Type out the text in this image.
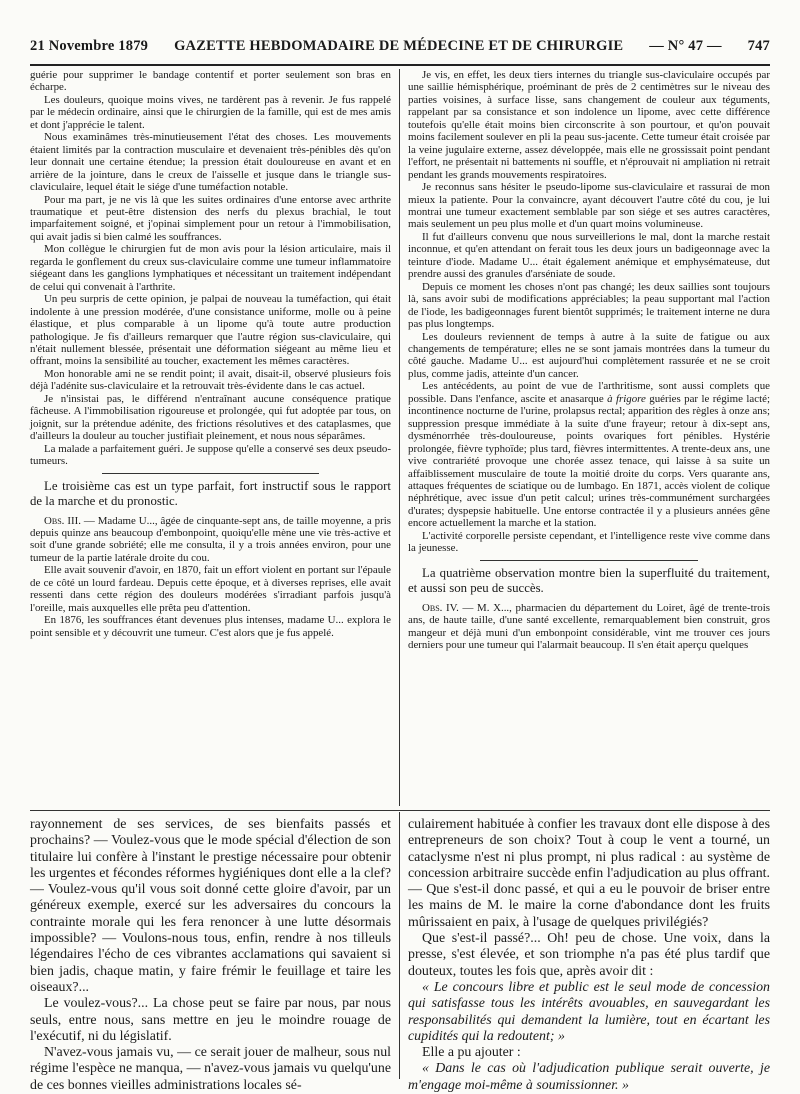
21 Novembre 1879 GAZETTE HEBDOMADAIRE DE MÉDECINE ET DE CHIRURGIE — N° 47 — 747

guérie pour supprimer le bandage contentif et porter seulement son bras en écharpe.

Les douleurs, quoique moins vives, ne tardèrent pas à revenir. Je fus rappelé par le médecin ordinaire, ainsi que le chirurgien de la famille, qui est de mes amis et dont j'apprécie le talent.

Nous examinâmes très-minutieusement l'état des choses. Les mouvements étaient limités par la contraction musculaire et devenaient très-pénibles dès qu'on leur donnait une certaine étendue; la pression était douloureuse en avant et en arrière de la jointure, dans le creux de l'aisselle et jusque dans le triangle sus-claviculaire, lequel était le siége d'une tuméfaction notable.

Pour ma part, je ne vis là que les suites ordinaires d'une entorse avec arthrite traumatique et peut-être distension des nerfs du plexus brachial, le tout imparfaitement soigné, et j'opinai simplement pour un retour à l'immobilisation, qui avait jadis si bien calmé les souffrances.

Mon collègue le chirurgien fut de mon avis pour la lésion articulaire, mais il regarda le gonflement du creux sus-claviculaire comme une tumeur inflammatoire siégeant dans les ganglions lymphatiques et nécessitant un traitement indépendant de celui qui convenait à l'arthrite.

Un peu surpris de cette opinion, je palpai de nouveau la tuméfaction, qui était indolente à une pression modérée, d'une consistance uniforme, molle ou à peine élastique, et plus comparable à un lipome qu'à toute autre production pathologique. Je fis d'ailleurs remarquer que l'autre région sus-claviculaire, qui n'était nullement blessée, présentait une déformation siégeant au même lieu et offrant, moins la sensibilité au toucher, exactement les mêmes caractères.

Mon honorable ami ne se rendit point; il avait, disait-il, observé plusieurs fois déjà l'adénite sus-claviculaire et la retrouvait très-évidente dans le cas actuel.

Je n'insistai pas, le différend n'entraînant aucune conséquence pratique fâcheuse. A l'immobilisation rigoureuse et prolongée, qui fut adoptée par tous, on joignit, sur la prétendue adénite, des frictions résolutives et des cataplasmes, que d'ailleurs la douleur au toucher justifiait pleinement, et nous nous séparâmes.

La malade a parfaitement guéri. Je suppose qu'elle a conservé ses deux pseudo-tumeurs.

Le troisième cas est un type parfait, fort instructif sous le rapport de la marche et du pronostic.

Obs. III. — Madame U..., âgée de cinquante-sept ans, de taille moyenne, a pris depuis quinze ans beaucoup d'embonpoint, quoiqu'elle mène une vie très-active et soit d'une grande sobriété; elle me consulta, il y a trois années environ, pour une tumeur de la partie latérale droite du cou.

Elle avait souvenir d'avoir, en 1870, fait un effort violent en portant sur l'épaule de ce côté un lourd fardeau. Depuis cette époque, et à diverses reprises, elle avait ressenti dans cette région des douleurs modérées s'irradiant parfois jusqu'à l'oreille, mais auxquelles elle prêta peu d'attention.

En 1876, les souffrances étant devenues plus intenses, madame U... explora le point sensible et y découvrit une tumeur. C'est alors que je fus appelé.

Je vis, en effet, les deux tiers internes du triangle sus-claviculaire occupés par une saillie hémisphérique, proéminant de près de 2 centimètres sur le niveau des parties voisines, à surface lisse, sans changement de couleur aux téguments, rappelant par sa consistance et son indolence un lipome, avec cette différence toutefois qu'elle était moins bien circonscrite à son pourtour, et qu'on pouvait moins facilement soulever en pli la peau sus-jacente. Cette tumeur était croisée par la veine jugulaire externe, assez développée, mais elle ne grossissait point pendant l'effort, ne présentait ni battements ni souffle, et n'éprouvait ni ampliation ni retrait pendant les grands mouvements respiratoires.

Je reconnus sans hésiter le pseudo-lipome sus-claviculaire et rassurai de mon mieux la patiente. Pour la convaincre, ayant découvert l'autre côté du cou, je lui montrai une tumeur exactement semblable par son siége et ses autres caractères, mais seulement un peu plus molle et d'un quart moins volumineuse.

Il fut d'ailleurs convenu que nous surveillerions le mal, dont la marche restait inconnue, et qu'en attendant on ferait tous les deux jours un badigeonnage avec la teinture d'iode. Madame U... était également anémique et emphysémateuse, dut prendre aussi des granules d'arséniate de soude.

Depuis ce moment les choses n'ont pas changé; les deux saillies sont toujours là, sans avoir subi de modifications appréciables; la peau supportant mal l'action de l'iode, les badigeonnages furent bientôt supprimés; le traitement interne ne dura pas plus longtemps.

Les douleurs reviennent de temps à autre à la suite de fatigue ou aux changements de température; elles ne se sont jamais montrées dans la tumeur du côté gauche. Madame U... est aujourd'hui complètement rassurée et ne se croit plus, comme jadis, atteinte d'un cancer.

Les antécédents, au point de vue de l'arthritisme, sont aussi complets que possible. Dans l'enfance, ascite et anasarque à frigore guéries par le régime lacté; incontinence nocturne de l'urine, prolapsus rectal; apparition des règles à onze ans; suppression presque immédiate à la suite d'une frayeur; retour à dix-sept ans, dysménorrhée très-douloureuse, points ovariques fort pénibles. Hystérie prolongée, fièvre typhoïde; plus tard, fièvres intermittentes. A trente-deux ans, une vive contrariété provoque une chorée assez tenace, qui laisse à sa suite un affaiblissement musculaire de toute la moitié droite du corps. Vers quarante ans, attaques fréquentes de sciatique ou de lumbago. En 1871, accès violent de colique néphrétique, avec issue d'un petit calcul; urines très-communément surchargées d'urates; dyspepsie habituelle. Une entorse contractée il y a plusieurs années gêne encore actuellement la marche et la station.

L'activité corporelle persiste cependant, et l'intelligence reste vive comme dans la jeunesse.

La quatrième observation montre bien la superfluité du traitement, et aussi son peu de succès.

Obs. IV. — M. X..., pharmacien du département du Loiret, âgé de trente-trois ans, de haute taille, d'une santé excellente, remarquablement bien construit, gros mangeur et déjà muni d'un embonpoint considérable, vint me trouver ces jours derniers pour une tumeur qui l'alarmait beaucoup. Il s'en était aperçu quelques

rayonnement de ses services, de ses bienfaits passés et prochains? — Voulez-vous que le mode spécial d'élection de son titulaire lui confère à l'instant le prestige nécessaire pour obtenir les urgentes et fécondes réformes hygiéniques dont elle a la clef? — Voulez-vous qu'il vous soit donné cette gloire d'avoir, par un généreux exemple, exercé sur les adversaires du concours la contrainte morale qui les fera renoncer à une lutte désormais impossible? — Voulons-nous tous, enfin, rendre à nos tilleuls légendaires l'écho de ces vibrantes acclamations qui savaient si bien jadis, chaque matin, y faire frémir le feuillage et taire les oiseaux?...

Le voulez-vous?... La chose peut se faire par nous, par nous seuls, entre nous, sans mettre en jeu le moindre rouage de l'exécutif, ni du législatif.

N'avez-vous jamais vu, — ce serait jouer de malheur, sous nul régime l'espèce ne manqua, — n'avez-vous jamais vu quelqu'une de ces bonnes vieilles administrations locales sé-

culairement habituée à confier les travaux dont elle dispose à des entrepreneurs de son choix? Tout à coup le vent a tourné, un cataclysme n'est ni plus prompt, ni plus radical : au système de concession arbitraire succède enfin l'adjudication au plus offrant. — Que s'est-il donc passé, et qui a eu le pouvoir de briser entre les mains de M. le maire la corne d'abondance dont les fruits mûrissaient en paix, à l'usage de quelques privilégiés?

Que s'est-il passé?... Oh! peu de chose. Une voix, dans la presse, s'est élevée, et son triomphe n'a pas été plus tardif que douteux, toutes les fois que, après avoir dit :

« Le concours libre et public est le seul mode de concession qui satisfasse tous les intérêts avouables, en sauvegardant les responsabilités qui demandent la lumière, tout en écartant les cupidités qui la redoutent; »

Elle a pu ajouter :

« Dans le cas où l'adjudication publique serait ouverte, je m'engage moi-même à soumissionner. »
